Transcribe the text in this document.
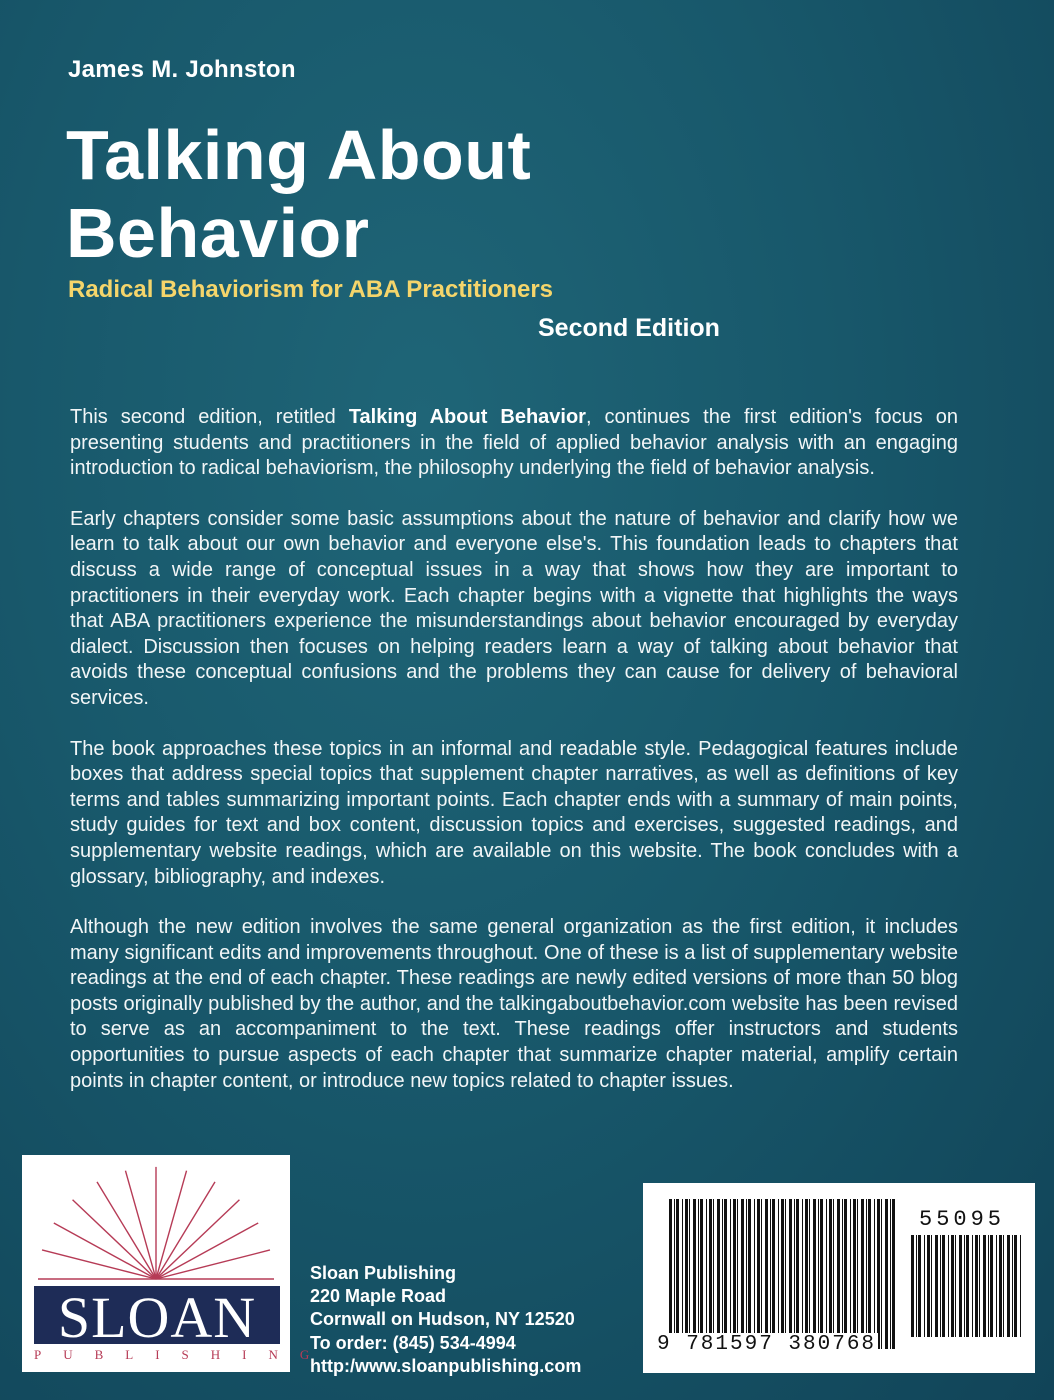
James M. Johnston
Talking About
Behavior
Radical Behaviorism for ABA Practitioners
Second Edition

This second edition, retitled Talking About Behavior, continues the first edition's focus on presenting students and practitioners in the field of applied behavior analysis with an engaging introduction to radical behaviorism, the philosophy underlying the field of behavior analysis.

Early chapters consider some basic assumptions about the nature of behavior and clarify how we learn to talk about our own behavior and everyone else's. This foundation leads to chapters that discuss a wide range of conceptual issues in a way that shows how they are important to practitioners in their everyday work. Each chapter begins with a vignette that highlights the ways that ABA practitioners experience the misunderstandings about behavior encouraged by everyday dialect. Discussion then focuses on helping readers learn a way of talking about behavior that avoids these conceptual confusions and the problems they can cause for delivery of behavioral services.

The book approaches these topics in an informal and readable style. Pedagogical features include boxes that address special topics that supplement chapter narratives, as well as definitions of key terms and tables summarizing important points. Each chapter ends with a summary of main points, study guides for text and box content, discussion topics and exercises, suggested readings, and supplementary website readings, which are available on this website. The book concludes with a glossary, bibliography, and indexes.

Although the new edition involves the same general organization as the first edition, it includes many significant edits and improvements throughout. One of these is a list of supplementary website readings at the end of each chapter. These readings are newly edited versions of more than 50 blog posts originally published by the author, and the talkingaboutbehavior.com website has been revised to serve as an accompaniment to the text. These readings offer instructors and students opportunities to pursue aspects of each chapter that summarize chapter material, amplify certain points in chapter content, or introduce new topics related to chapter issues.

SLOAN
PUBLISHING
Sloan Publishing
220 Maple Road
Cornwall on Hudson, NY 12520
To order: (845) 534-4994
http:/www.sloanpublishing.com
55095
9 781597 380768
